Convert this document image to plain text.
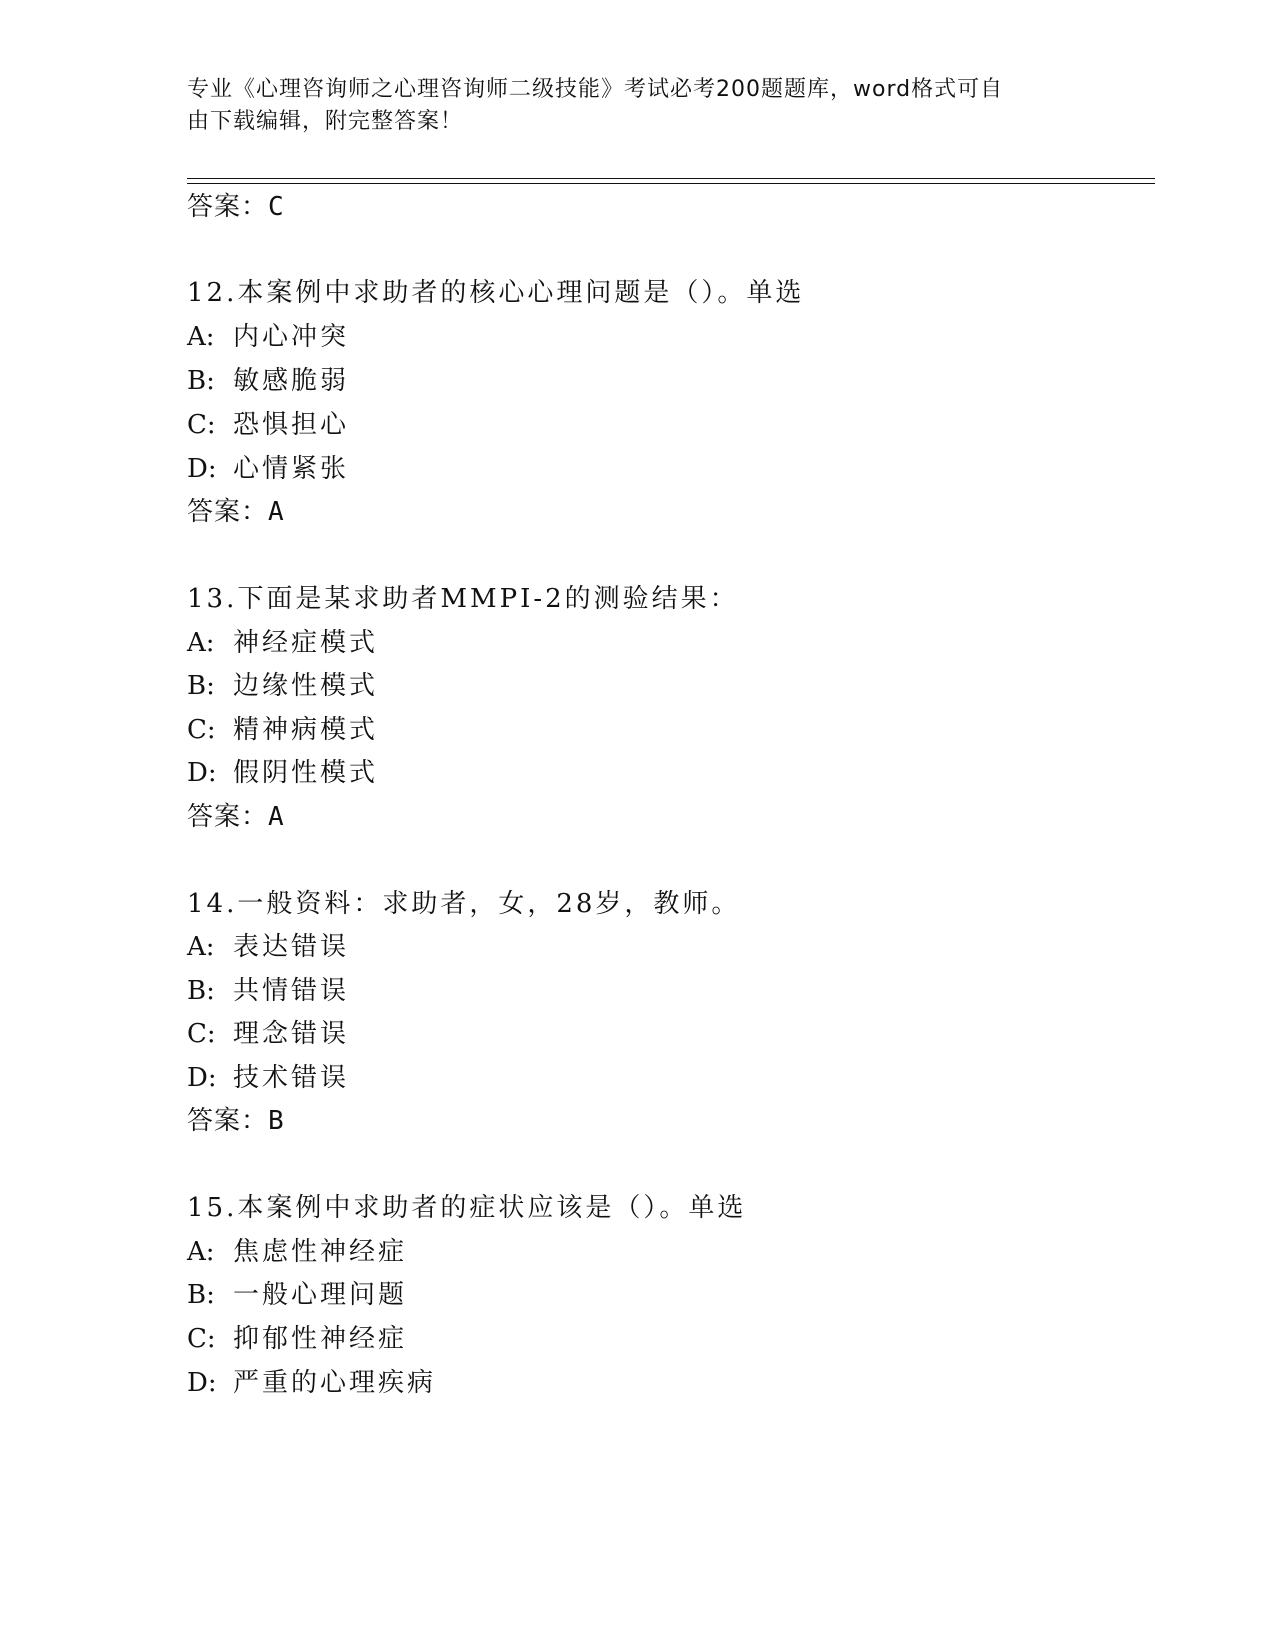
专业《心理咨询师之心理咨询师二级技能》考试必考200题题库，word格式可自
由下载编辑，附完整答案！
答案：C
12.本案例中求助者的核心心理问题是（）。单选
A: 内心冲突
B: 敏感脆弱
C: 恐惧担心
D: 心情紧张
答案：A
13.下面是某求助者MMPI-2的测验结果：
A: 神经症模式
B: 边缘性模式
C: 精神病模式
D: 假阴性模式
答案：A
14.一般资料：求助者，女，28岁，教师。
A: 表达错误
B: 共情错误
C: 理念错误
D: 技术错误
答案：B
15.本案例中求助者的症状应该是（）。单选
A: 焦虑性神经症
B: 一般心理问题
C: 抑郁性神经症
D: 严重的心理疾病
